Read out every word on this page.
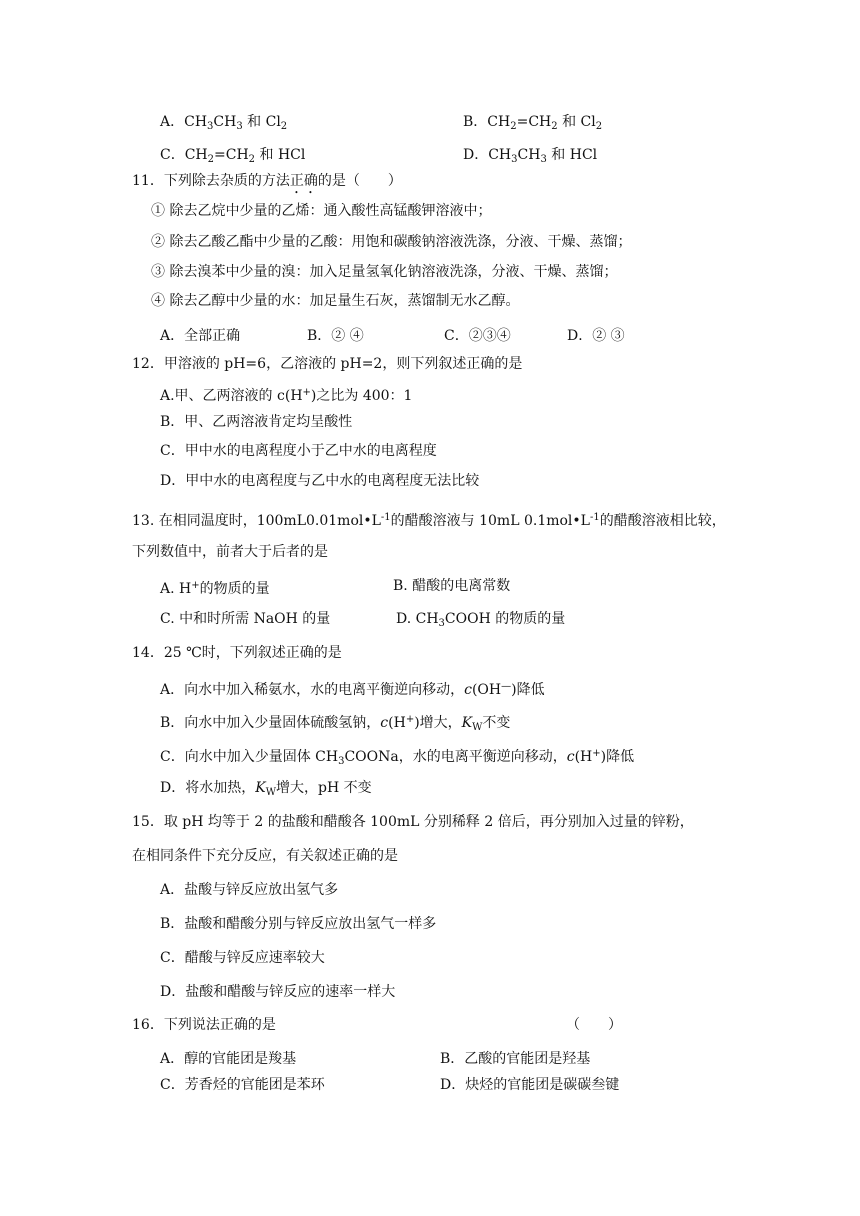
A．$CH_3CH_3$ 和 $Cl_2$	B．$CH_2=CH_2$ 和 $Cl_2$
C．$CH_2=CH_2$ 和 HCl	D．$CH_3CH_3$ 和 HCl
11．下列除去杂质的方法正确的是（　　）
① 除去乙烷中少量的乙烯：通入酸性高锰酸钾溶液中；
② 除去乙酸乙酯中少量的乙酸：用饱和碳酸钠溶液洗涤，分液、干燥、蒸馏；
③ 除去溴苯中少量的溴：加入足量氢氧化钠溶液洗涤，分液、干燥、蒸馏；
④ 除去乙醇中少量的水：加足量生石灰，蒸馏制无水乙醇。
A．全部正确	B．② ④	C．②③④	D．② ③
12．甲溶液的 pH=6，乙溶液的 pH=2，则下列叙述正确的是
A.甲、乙两溶液的 c(H+)之比为 400：1
B．甲、乙两溶液肯定均呈酸性
C．甲中水的电离程度小于乙中水的电离程度
D．甲中水的电离程度与乙中水的电离程度无法比较
13. 在相同温度时，$100mL0.01mol•L^{-1}$的醋酸溶液与 10mL $0.1mol•L^{-1}$的醋酸溶液相比较，
下列数值中，前者大于后者的是
A. H+的物质的量	B. 醋酸的电离常数
C. 中和时所需 NaOH 的量	D. $CH_3COOH$ 的物质的量
14．25 ℃时，下列叙述正确的是
A．向水中加入稀氨水，水的电离平衡逆向移动，c(OH—)降低
B．向水中加入少量固体硫酸氢钠，c(H+)增大，$K_W$不变
C．向水中加入少量固体 $CH_3COONa$，水的电离平衡逆向移动，c(H+)降低
D．将水加热，$K_W$增大，pH 不变
15．取 pH 均等于 2 的盐酸和醋酸各 100mL 分别稀释 2 倍后，再分别加入过量的锌粉，
在相同条件下充分反应，有关叙述正确的是
A．盐酸与锌反应放出氢气多
B．盐酸和醋酸分别与锌反应放出氢气一样多
C．醋酸与锌反应速率较大
D．盐酸和醋酸与锌反应的速率一样大
16．下列说法正确的是	（　　）
A．醇的官能团是羧基	B．乙酸的官能团是羟基
C．芳香烃的官能团是苯环	D．炔烃的官能团是碳碳叁键
